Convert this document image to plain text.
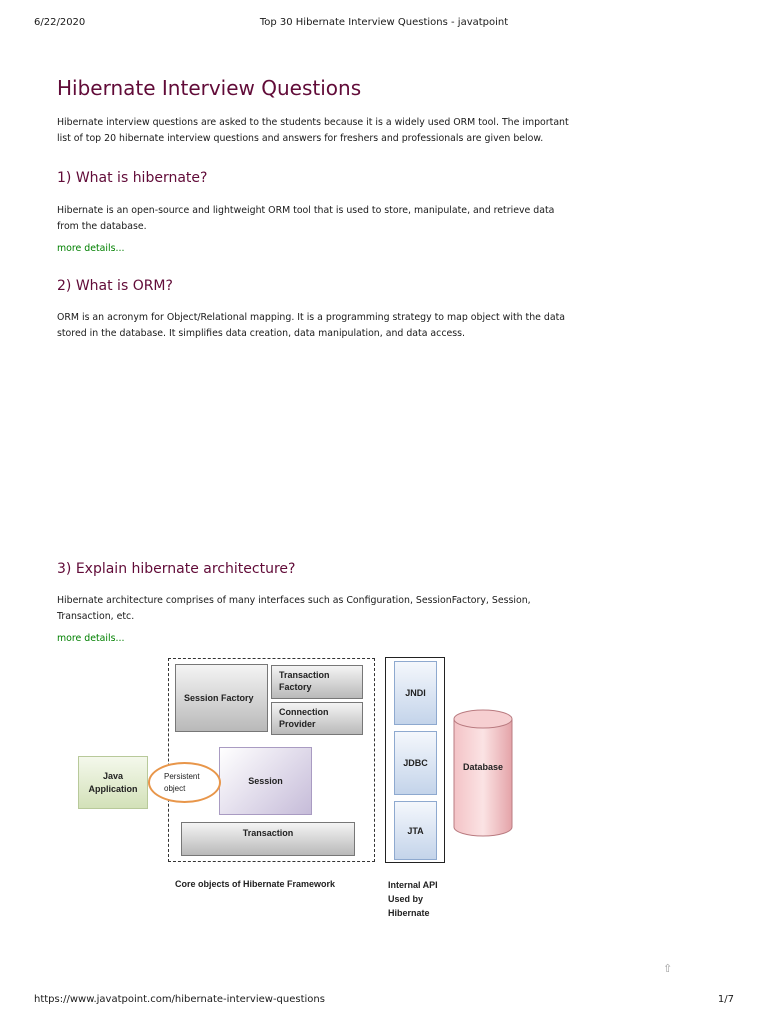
6/22/2020	Top 30 Hibernate Interview Questions - javatpoint
Hibernate Interview Questions
Hibernate interview questions are asked to the students because it is a widely used ORM tool. The important list of top 20 hibernate interview questions and answers for freshers and professionals are given below.
1) What is hibernate?
Hibernate is an open-source and lightweight ORM tool that is used to store, manipulate, and retrieve data from the database.
more details...
2) What is ORM?
ORM is an acronym for Object/Relational mapping. It is a programming strategy to map object with the data stored in the database. It simplifies data creation, data manipulation, and data access.
3) Explain hibernate architecture?
Hibernate architecture comprises of many interfaces such as Configuration, SessionFactory, Session, Transaction, etc.
more details...
Session Factory
Transaction Factory
Connection Provider
Session
Transaction
Java Application
Persistent object
JNDI
JDBC
JTA
Database
Core objects of Hibernate Framework	Internal API Used by Hibernate
⇧
https://www.javatpoint.com/hibernate-interview-questions	1/7
